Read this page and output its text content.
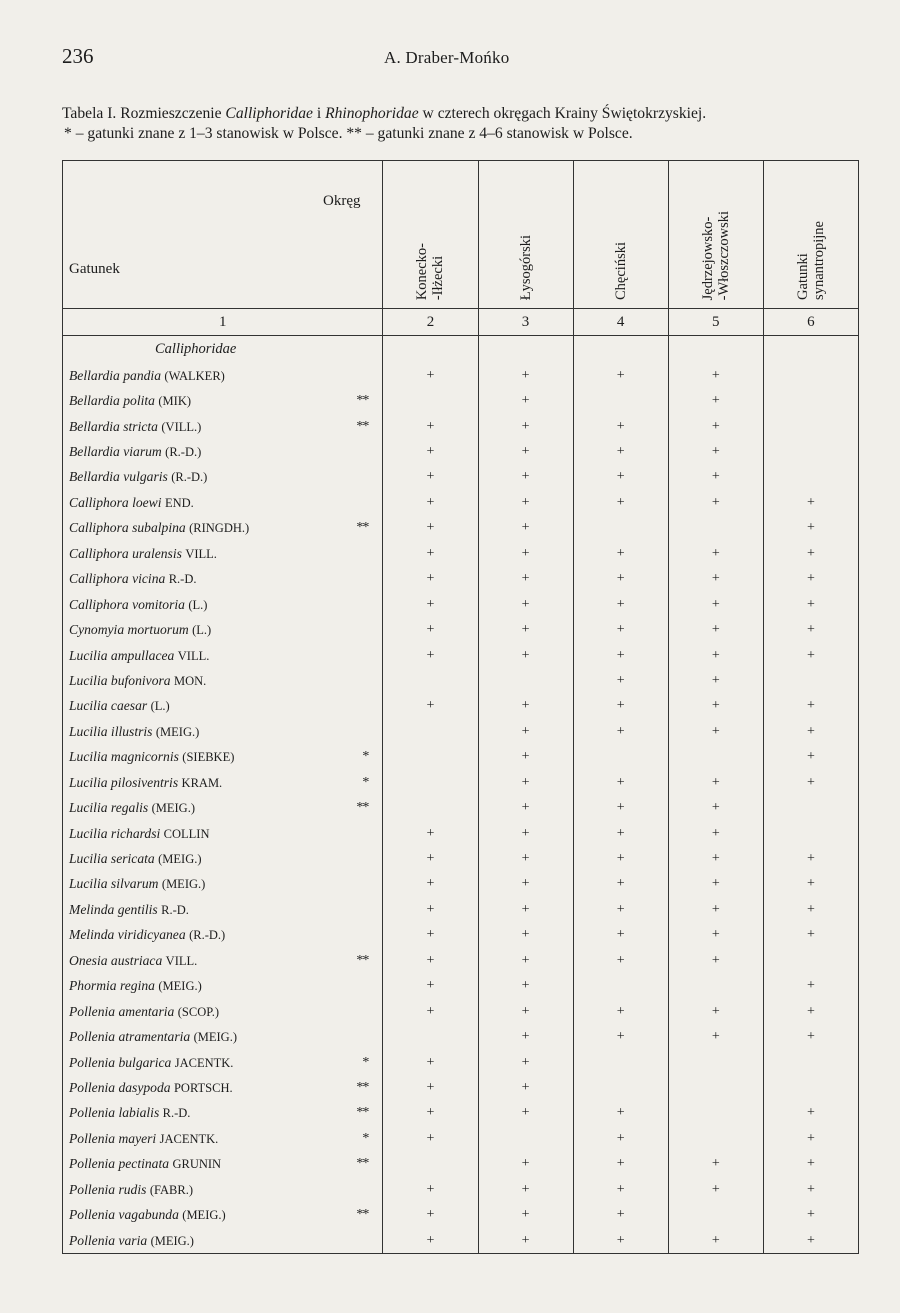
236	A. Draber-Mońko
Tabela I. Rozmieszczenie Calliphoridae i Rhinophoridae w czterech okręgach Krainy Świętokrzyskiej.
* – gatunki znane z 1–3 stanowisk w Polsce. ** – gatunki znane z 4–6 stanowisk w Polsce.
Okręg
Gatunek		Konecko-
-Iłżecki	Łysogórski	Chęciński	Jędrzejowsko-
-Włoszczowski	Gatunki
synantropijne

1		2	3	4	5	6
Calliphoridae						
Bellardia pandia (WALKER)		+	+	+	+	
Bellardia polita (MIK)	**		+		+	
Bellardia stricta (VILL.)	**	+	+	+	+	
Bellardia viarum (R.-D.)		+	+	+	+	
Bellardia vulgaris (R.-D.)		+	+	+	+	
Calliphora loewi END.		+	+	+	+	+
Calliphora subalpina (RINGDH.)	**	+	+			+
Calliphora uralensis VILL.		+	+	+	+	+
Calliphora vicina R.-D.		+	+	+	+	+
Calliphora vomitoria (L.)		+	+	+	+	+
Cynomyia mortuorum (L.)		+	+	+	+	+
Lucilia ampullacea VILL.		+	+	+	+	+
Lucilia bufonivora MON.				+	+	
Lucilia caesar (L.)		+	+	+	+	+
Lucilia illustris (MEIG.)			+	+	+	+
Lucilia magnicornis (SIEBKE)	*		+			+
Lucilia pilosiventris KRAM.	*		+	+	+	+
Lucilia regalis (MEIG.)	**		+	+	+	
Lucilia richardsi COLLIN		+	+	+	+	
Lucilia sericata (MEIG.)		+	+	+	+	+
Lucilia silvarum (MEIG.)		+	+	+	+	+
Melinda gentilis R.-D.		+	+	+	+	+
Melinda viridicyanea (R.-D.)		+	+	+	+	+
Onesia austriaca VILL.	**	+	+	+	+	
Phormia regina (MEIG.)		+	+			+
Pollenia amentaria (SCOP.)		+	+	+	+	+
Pollenia atramentaria (MEIG.)			+	+	+	+
Pollenia bulgarica JACENTK.	*	+	+			
Pollenia dasypoda PORTSCH.	**	+	+			
Pollenia labialis R.-D.	**	+	+	+		+
Pollenia mayeri JACENTK.	*	+		+		+
Pollenia pectinata GRUNIN	**		+	+	+	+
Pollenia rudis (FABR.)		+	+	+	+	+
Pollenia vagabunda (MEIG.)	**	+	+	+		+
Pollenia varia (MEIG.)		+	+	+	+	+
